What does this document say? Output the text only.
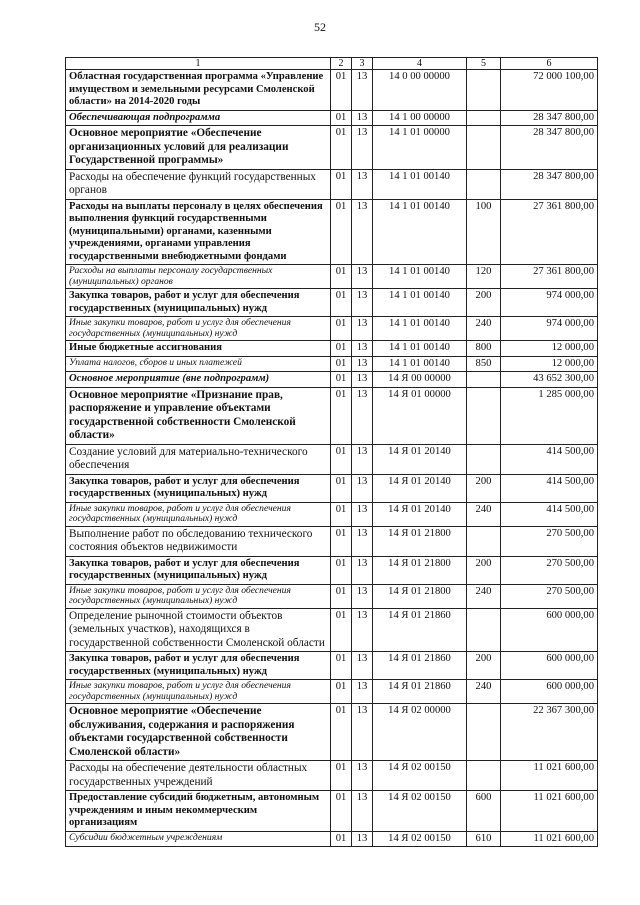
52
1	2	3	4	5	6
Областная государственная программа «Управление имуществом и земельными ресурсами Смоленской области» на 2014-2020 годы	01	13	14 0 00 00000		72 000 100,00
Обеспечивающая подпрограмма	01	13	14 1 00 00000		28 347 800,00
Основное мероприятие «Обеспечение организационных условий для реализации Государственной программы»	01	13	14 1 01 00000		28 347 800,00
Расходы на обеспечение функций государственных органов	01	13	14 1 01 00140		28 347 800,00
Расходы на выплаты персоналу в целях обеспечения выполнения функций государственными (муниципальными) органами, казенными учреждениями, органами управления государственными внебюджетными фондами	01	13	14 1 01 00140	100	27 361 800,00
Расходы на выплаты персоналу государственных (муниципальных) органов	01	13	14 1 01 00140	120	27 361 800,00
Закупка товаров, работ и услуг для обеспечения государственных (муниципальных) нужд	01	13	14 1 01 00140	200	974 000,00
Иные закупки товаров, работ и услуг для обеспечения государственных (муниципальных) нужд	01	13	14 1 01 00140	240	974 000,00
Иные бюджетные ассигнования	01	13	14 1 01 00140	800	12 000,00
Уплата налогов, сборов и иных платежей	01	13	14 1 01 00140	850	12 000,00
Основное мероприятие (вне подпрограмм)	01	13	14 Я 00 00000		43 652 300,00
Основное мероприятие «Признание прав, распоряжение и управление объектами государственной собственности Смоленской области»	01	13	14 Я 01 00000		1 285 000,00
Создание условий для материально-технического обеспечения	01	13	14 Я 01 20140		414 500,00
Закупка товаров, работ и услуг для обеспечения государственных (муниципальных) нужд	01	13	14 Я 01 20140	200	414 500,00
Иные закупки товаров, работ и услуг для обеспечения государственных (муниципальных) нужд	01	13	14 Я 01 20140	240	414 500,00
Выполнение работ по обследованию технического состояния объектов недвижимости	01	13	14 Я 01 21800		270 500,00
Закупка товаров, работ и услуг для обеспечения государственных (муниципальных) нужд	01	13	14 Я 01 21800	200	270 500,00
Иные закупки товаров, работ и услуг для обеспечения государственных (муниципальных) нужд	01	13	14 Я 01 21800	240	270 500,00
Определение рыночной стоимости объектов (земельных участков), находящихся в государственной собственности Смоленской области	01	13	14 Я 01 21860		600 000,00
Закупка товаров, работ и услуг для обеспечения государственных (муниципальных) нужд	01	13	14 Я 01 21860	200	600 000,00
Иные закупки товаров, работ и услуг для обеспечения государственных (муниципальных) нужд	01	13	14 Я 01 21860	240	600 000,00
Основное мероприятие «Обеспечение обслуживания, содержания и распоряжения объектами государственной собственности Смоленской области»	01	13	14 Я 02 00000		22 367 300,00
Расходы на обеспечение деятельности областных государственных учреждений	01	13	14 Я 02 00150		11 021 600,00
Предоставление субсидий бюджетным, автономным учреждениям и иным некоммерческим организациям	01	13	14 Я 02 00150	600	11 021 600,00
Субсидии бюджетным учреждениям	01	13	14 Я 02 00150	610	11 021 600,00
